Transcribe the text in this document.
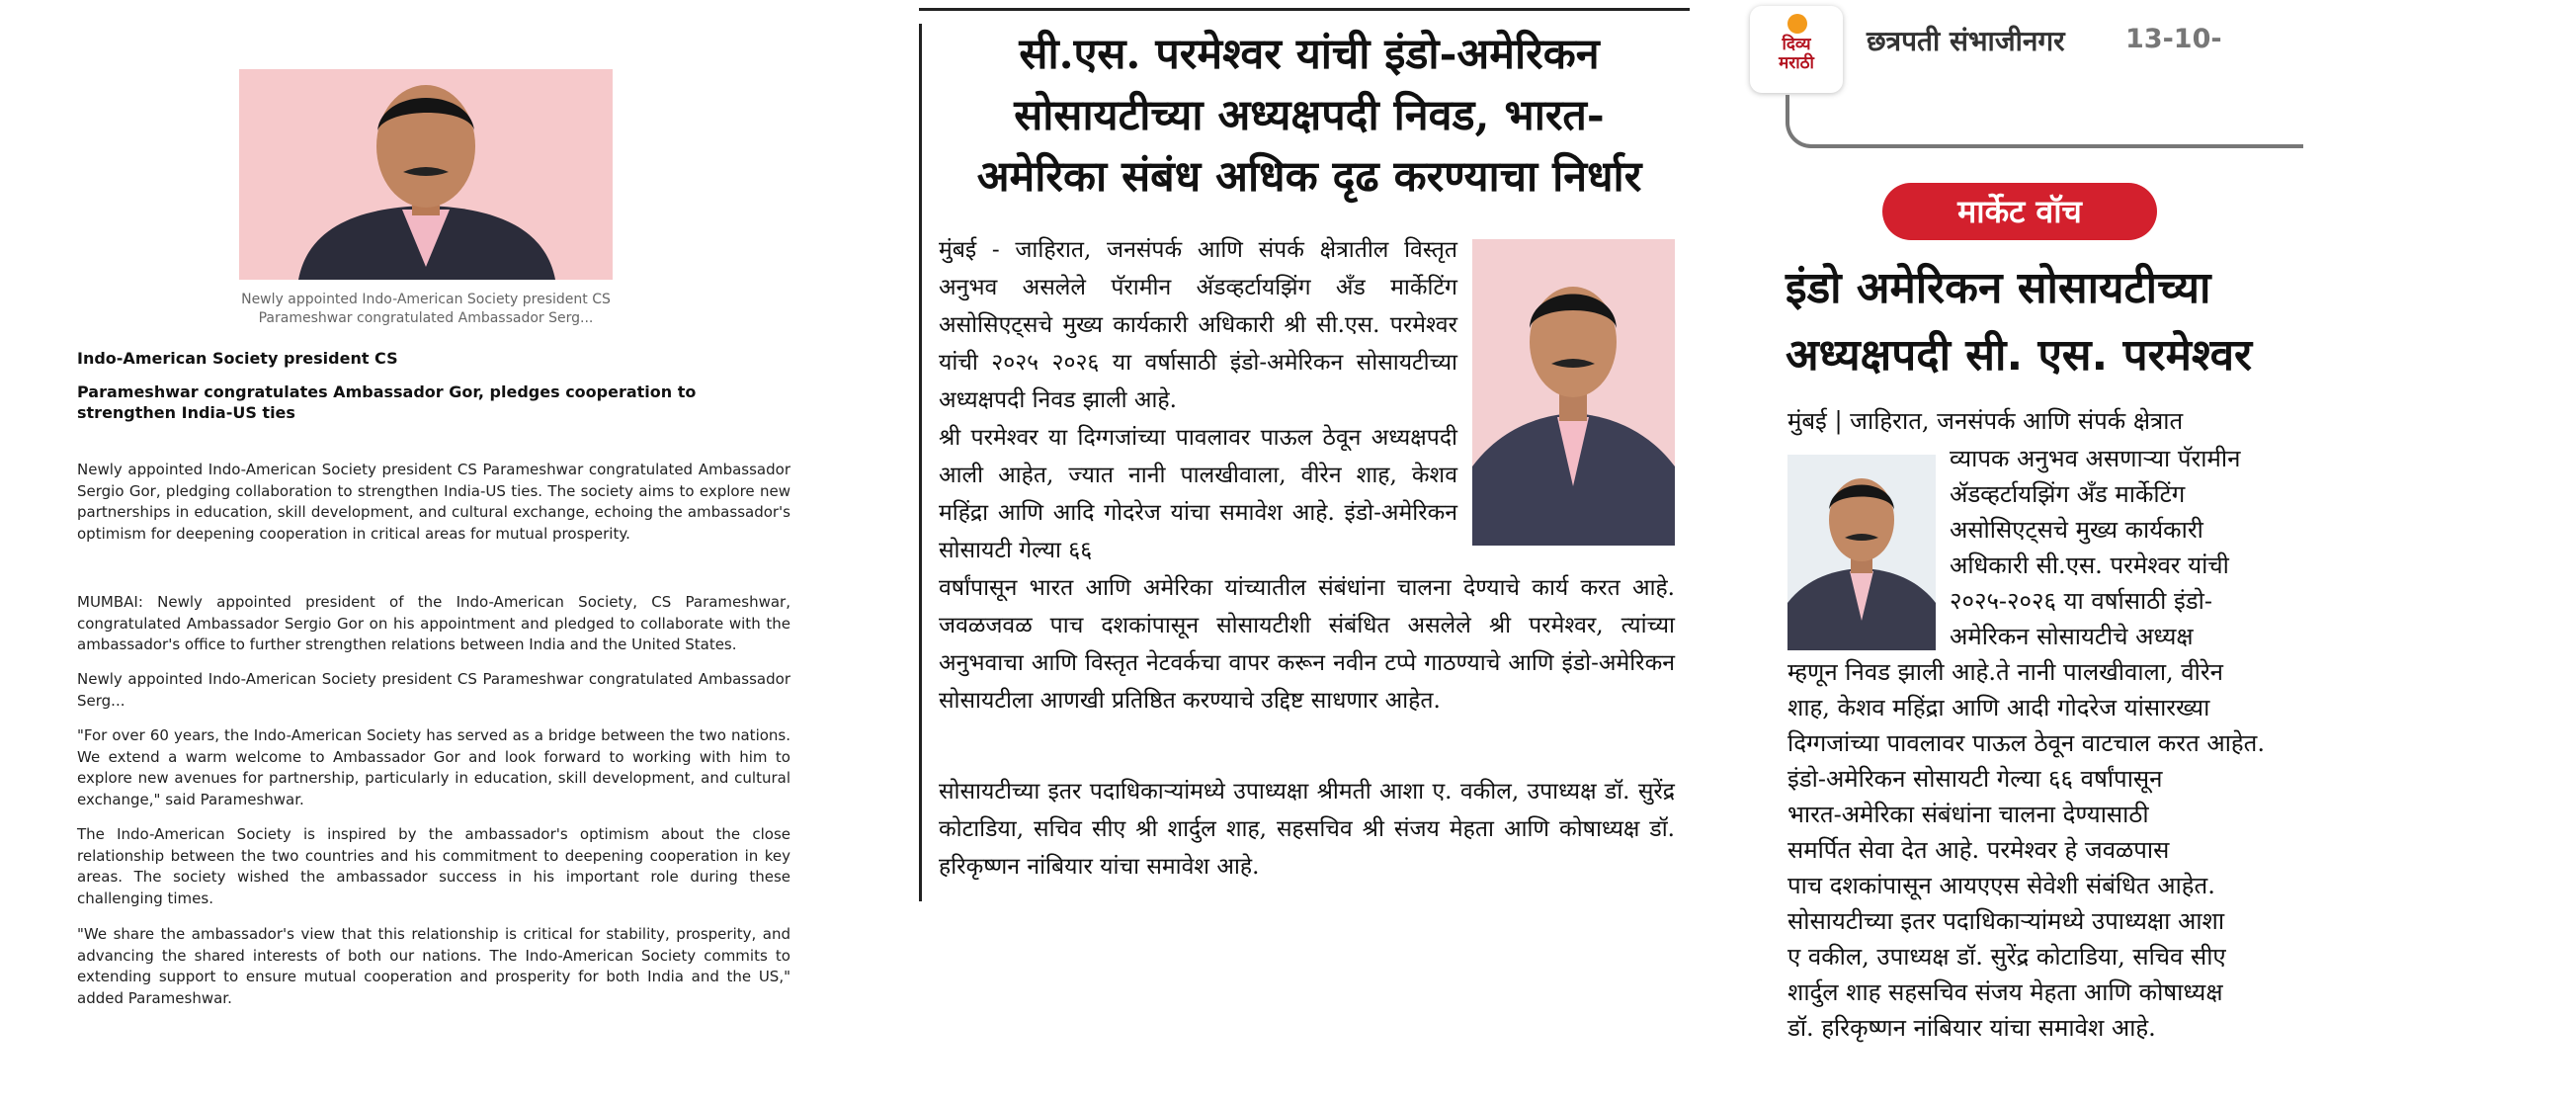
Newly appointed Indo-American Society president CS Parameshwar congratulated Ambassador Serg...
Indo-American Society president CS
Parameshwar congratulates Ambassador Gor, pledges cooperation to strengthen India-US ties

Newly appointed Indo-American Society president CS Parameshwar congratulated Ambassador Sergio Gor, pledging collaboration to strengthen India-US ties. The society aims to explore new partnerships in education, skill development, and cultural exchange, echoing the ambassador's optimism for deepening cooperation in critical areas for mutual prosperity.

MUMBAI: Newly appointed president of the Indo-American Society, CS Parameshwar, congratulated Ambassador Sergio Gor on his appointment and pledged to collaborate with the ambassador's office to further strengthen relations between India and the United States.

Newly appointed Indo-American Society president CS Parameshwar congratulated Ambassador Serg...

"For over 60 years, the Indo-American Society has served as a bridge between the two nations. We extend a warm welcome to Ambassador Gor and look forward to working with him to explore new avenues for partnership, particularly in education, skill development, and cultural exchange," said Parameshwar.

The Indo-American Society is inspired by the ambassador's optimism about the close relationship between the two countries and his commitment to deepening cooperation in key areas. The society wished the ambassador success in his important role during these challenging times.

"We share the ambassador's view that this relationship is critical for stability, prosperity, and advancing the shared interests of both our nations. The Indo-American Society commits to extending support to ensure mutual cooperation and prosperity for both India and the US," added Parameshwar.

सी.एस. परमेश्वर यांची इंडो-अमेरिकन
सोसायटीच्या अध्यक्षपदी निवड, भारत-
अमेरिका संबंध अधिक दृढ करण्याचा निर्धार
मुंबई - जाहिरात, जनसंपर्क आणि संपर्क क्षेत्रातील विस्तृत अनुभव असलेले पॅरामीन ॲडव्हर्टायझिंग ॲंड मार्केटिंग असोसिएट्सचे मुख्य कार्यकारी अधिकारी श्री सी.एस. परमेश्वर यांची २०२५ २०२६ या वर्षासाठी इंडो-अमेरिकन सोसायटीच्या अध्यक्षपदी निवड झाली आहे.
श्री परमेश्वर या दिग्गजांच्या पावलावर पाऊल ठेवून अध्यक्षपदी आली आहेत, ज्यात नानी पालखीवाला, वीरेन शाह, केशव महिंद्रा आणि आदि गोदरेज यांचा समावेश आहे. इंडो-अमेरिकन सोसायटी गेल्या ६६
वर्षांपासून भारत आणि अमेरिका यांच्यातील संबंधांना चालना देण्याचे कार्य करत आहे. जवळजवळ पाच दशकांपासून सोसायटीशी संबंधित असलेले श्री परमेश्वर, त्यांच्या अनुभवाचा आणि विस्तृत नेटवर्कचा वापर करून नवीन टप्पे गाठण्याचे आणि इंडो-अमेरिकन सोसायटीला आणखी प्रतिष्ठित करण्याचे उद्दिष्ट साधणार आहेत.
सोसायटीच्या इतर पदाधिकाऱ्यांमध्ये उपाध्यक्षा श्रीमती आशा ए. वकील, उपाध्यक्ष डॉ. सुरेंद्र कोटाडिया, सचिव सीए श्री शार्दुल शाह, सहसचिव श्री संजय मेहता आणि कोषाध्यक्ष डॉ. हरिकृष्णन नांबियार यांचा समावेश आहे.
दिव्य
मराठी
छत्रपती संभाजीनगर 13-10-
मार्केट वॉच
इंडो अमेरिकन सोसायटीच्या
अध्यक्षपदी सी. एस. परमेश्वर
मुंबई | जाहिरात, जनसंपर्क आणि संपर्क क्षेत्रात
व्यापक अनुभव असणाऱ्या पॅरामीन
ॲडव्हर्टायझिंग ॲंड मार्केटिंग
असोसिएट्सचे मुख्य कार्यकारी
अधिकारी सी.एस. परमेश्वर यांची
२०२५-२०२६ या वर्षासाठी इंडो-
अमेरिकन सोसायटीचे अध्यक्ष
म्हणून निवड झाली आहे.ते नानी पालखीवाला, वीरेन
शाह, केशव महिंद्रा आणि आदी गोदरेज यांसारख्या
दिग्गजांच्या पावलावर पाऊल ठेवून वाटचाल करत आहेत.
इंडो-अमेरिकन सोसायटी गेल्या ६६ वर्षांपासून
भारत-अमेरिका संबंधांना चालना देण्यासाठी
समर्पित सेवा देत आहे. परमेश्वर हे जवळपास
पाच दशकांपासून आयएएस सेवेशी संबंधित आहेत.
सोसायटीच्या इतर पदाधिकाऱ्यांमध्ये उपाध्यक्षा आशा
ए वकील, उपाध्यक्ष डॉ. सुरेंद्र कोटाडिया, सचिव सीए
शार्दुल शाह सहसचिव संजय मेहता आणि कोषाध्यक्ष
डॉ. हरिकृष्णन नांबियार यांचा समावेश आहे.
